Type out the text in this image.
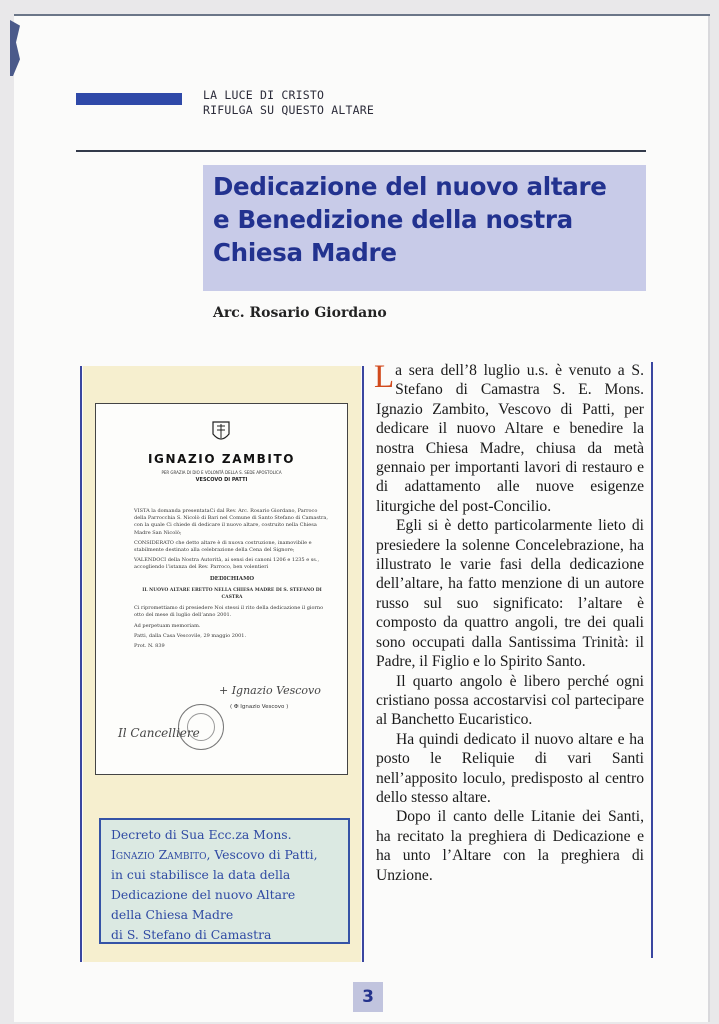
LA LUCE DI CRISTO
RIFULGA SU QUESTO ALTARE
Dedicazione del nuovo altare
e Benedizione della nostra
Chiesa Madre
Arc. Rosario Giordano
IGNAZIO ZAMBITO
PER GRAZIA DI DIO E VOLONTÀ DELLA S. SEDE APOSTOLICA
VESCOVO DI PATTI

VISTA la domanda presentataCi dal Rev. Arc. Rosario Giordano, Parroco della Parrocchia S. Nicolò di Bari nel Comune di Santo Stefano di Camastra, con la quale Ci chiede di dedicare il nuovo altare, costruito nella Chiesa Madre San Nicolò;

CONSIDERATO che detto altare è di nuova costruzione, inamovibile e stabilmente destinato alla celebrazione della Cena del Signore;

VALENDOCI della Nostra Autorità, ai sensi dei canoni 1206 e 1235 e ss., accogliendo l’istanza del Rev. Parroco, ben volentieri

DEDICHIAMO

IL NUOVO ALTARE ERETTO NELLA CHIESA MADRE DI S. STEFANO DI CASTRA

Ci ripromettiamo di presiedere Noi stessi il rito della dedicazione il giorno otto del mese di luglio dell’anno 2001.

Ad perpetuam memoriam.

Patti, dalla Casa Vescovile, 29 maggio 2001.

Prot. N. 839

+ Ignazio Vescovo
( ✠ Ignazio Vescovo )
Il Cancelliere
Decreto di Sua Ecc.za Mons.
Ignazio Zambito, Vescovo di Patti,
in cui stabilisce la data della
Dedicazione del nuovo Altare
della Chiesa Madre
di S. Stefano di Camastra

La sera dell’8 luglio u.s. è venuto a S. Stefano di Camastra S. E. Mons. Ignazio Zambito, Vescovo di Patti, per dedicare il nuovo Altare e benedire la nostra Chiesa Madre, chiusa da metà gennaio per importanti lavori di restauro e di adattamento alle nuove esigenze liturgiche del post-Concilio.

Egli si è detto particolarmente lieto di presiedere la solenne Concelebrazione, ha illustrato le varie fasi della dedicazione dell’altare, ha fatto menzione di un autore russo sul suo significato: l’altare è composto da quattro angoli, tre dei quali sono occupati dalla Santissima Trinità: il Padre, il Figlio e lo Spirito Santo.

Il quarto angolo è libero perché ogni cristiano possa accostarvisi col partecipare al Banchetto Eucaristico.

Ha quindi dedicato il nuovo altare e ha posto le Reliquie di vari Santi nell’apposito loculo, predisposto al centro dello stesso altare.

Dopo il canto delle Litanie dei Santi, ha recitato la preghiera di Dedicazione e ha unto l’Altare con la preghiera di Unzione.

3
